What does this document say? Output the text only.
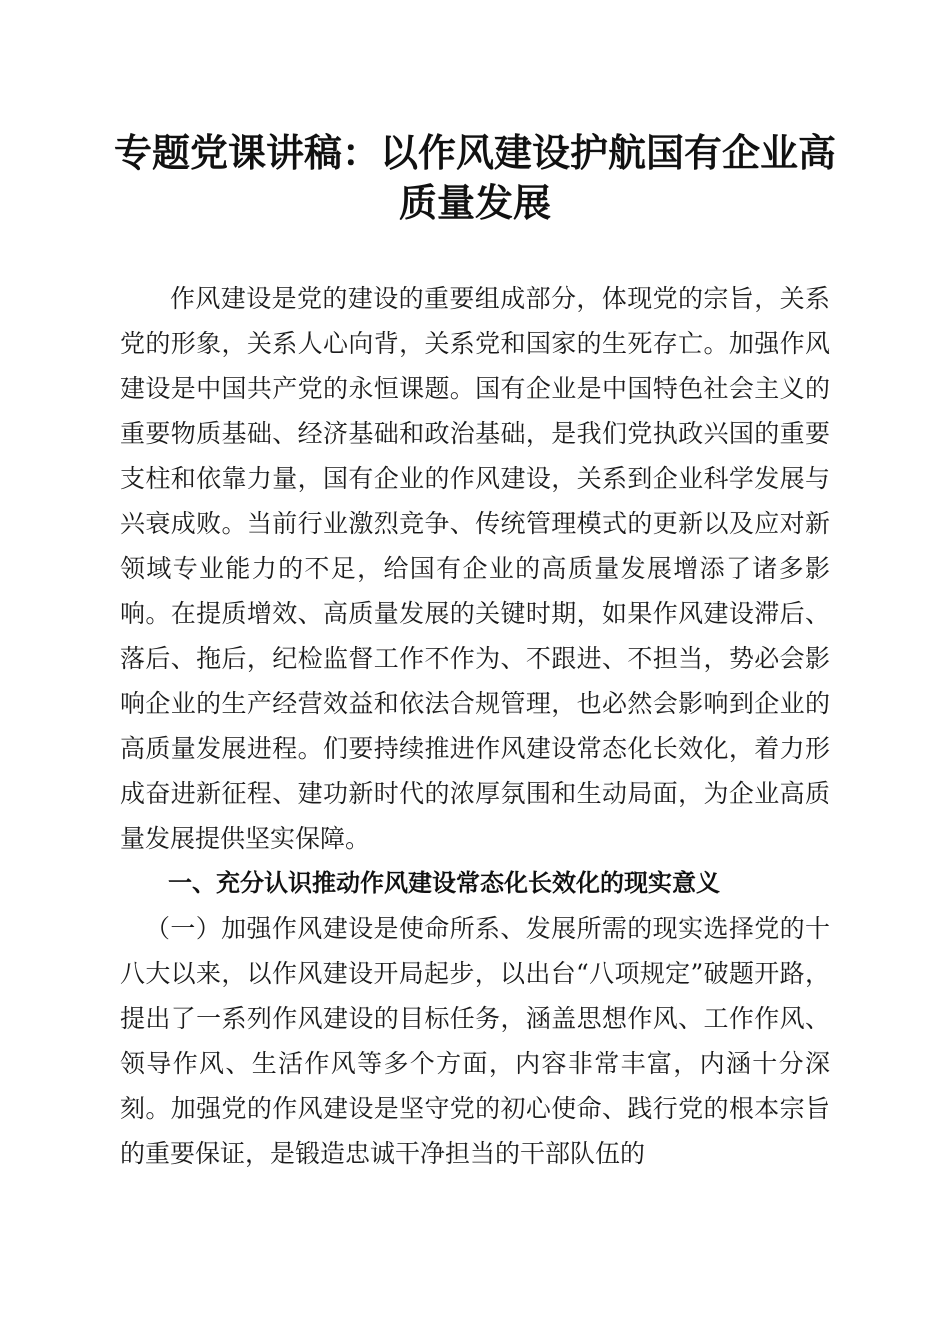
专题党课讲稿：以作风建设护航国有企业高质量发展

作风建设是党的建设的重要组成部分，体现党的宗旨，关系党的形象，关系人心向背，关系党和国家的生死存亡。加强作风建设是中国共产党的永恒课题。国有企业是中国特色社会主义的重要物质基础、经济基础和政治基础，是我们党执政兴国的重要支柱和依靠力量，国有企业的作风建设，关系到企业科学发展与兴衰成败。当前行业激烈竞争、传统管理模式的更新以及应对新领域专业能力的不足，给国有企业的高质量发展增添了诸多影响。在提质增效、高质量发展的关键时期，如果作风建设滞后、落后、拖后，纪检监督工作不作为、不跟进、不担当，势必会影响企业的生产经营效益和依法合规管理，也必然会影响到企业的高质量发展进程。们要持续推进作风建设常态化长效化，着力形成奋进新征程、建功新时代的浓厚氛围和生动局面，为企业高质量发展提供坚实保障。

一、充分认识推动作风建设常态化长效化的现实意义

（一）加强作风建设是使命所系、发展所需的现实选择党的十八大以来，以作风建设开局起步，以出台“八项规定”破题开路，提出了一系列作风建设的目标任务，涵盖思想作风、工作作风、领导作风、生活作风等多个方面，内容非常丰富，内涵十分深刻。加强党的作风建设是坚守党的初心使命、践行党的根本宗旨的重要保证，是锻造忠诚干净担当的干部队伍的
